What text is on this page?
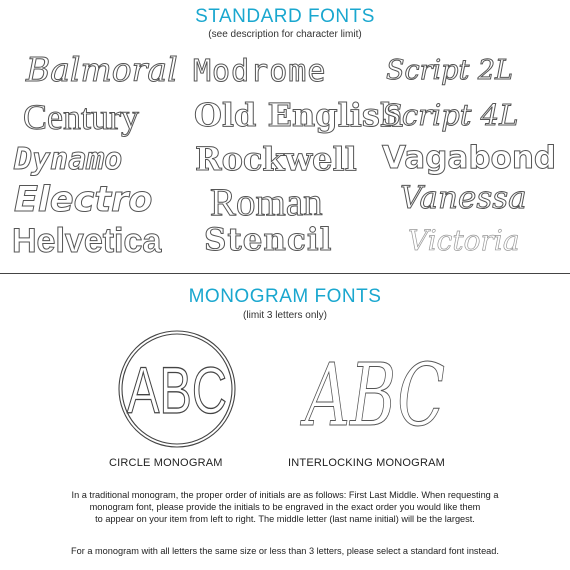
STANDARD FONTS
(see description for character limit)
Balmoral Modrome Script 2L
Century Old English
Script 4L
Dynamo Rockwell Vagabond
Electro Roman Vanessa
Helvetica Stencil	Victoria
MONOGRAM FONTS
(limit 3 letters only)
ABC ABC
CIRCLE MONOGRAM	INTERLOCKING MONOGRAM
In a traditional monogram, the proper order of initials are as follows: First Last Middle. When requesting a
monogram font, please provide the initials to be engraved in the exact order you would like them
to appear on your item from left to right. The middle letter (last name initial) will be the largest.
For a monogram with all letters the same size or less than 3 letters, please select a standard font instead.
